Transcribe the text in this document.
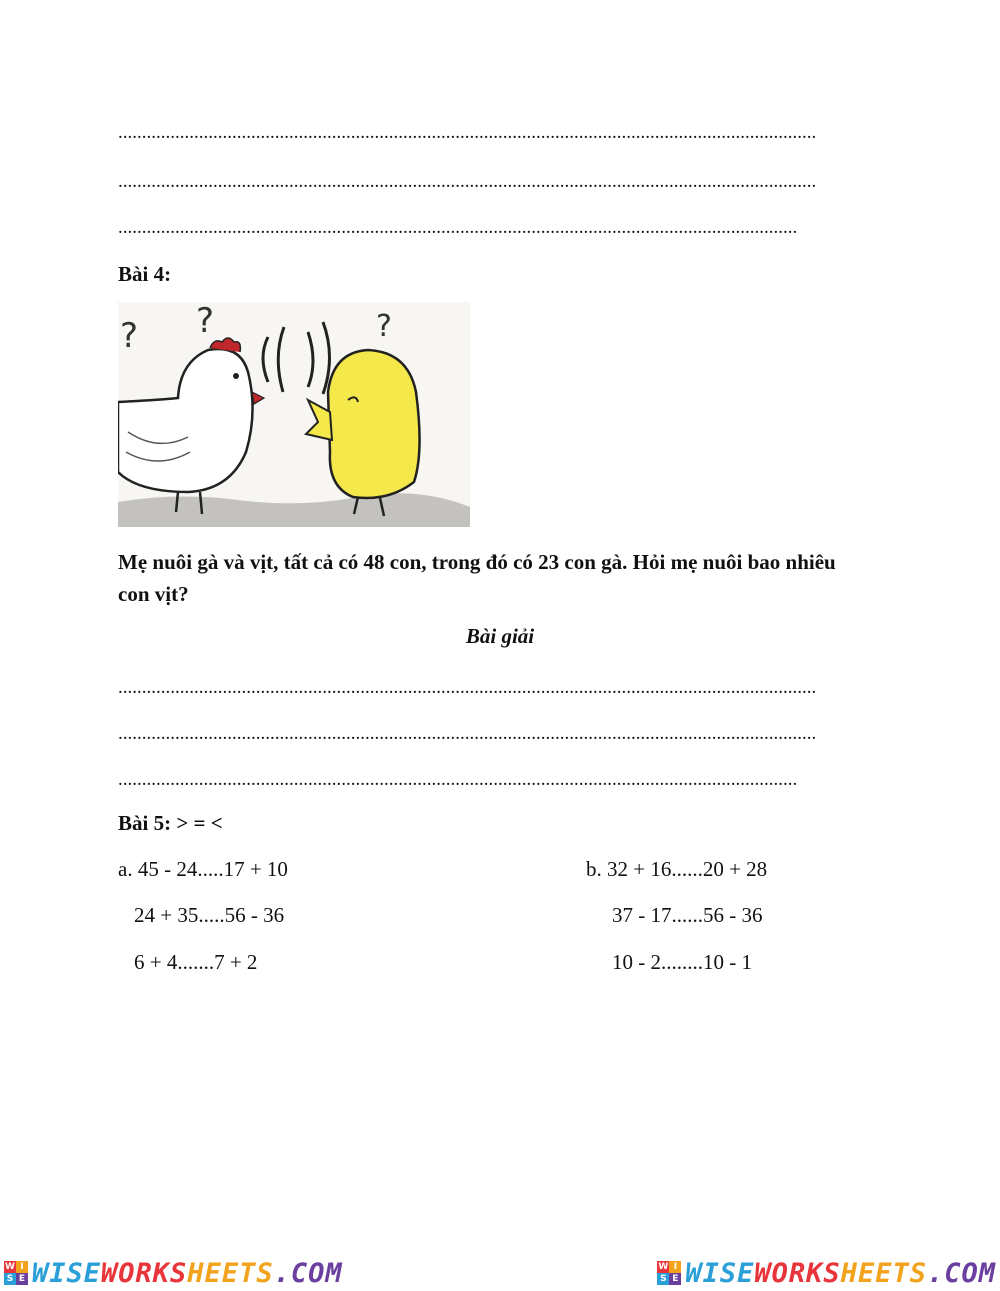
...................................................................................................................................................
...................................................................................................................................................
...............................................................................................................................................
Bài 4:
? ?	?
Mẹ nuôi gà và vịt, tất cả có 48 con, trong đó có 23 con gà. Hỏi mẹ nuôi bao nhiêu con vịt?
Bài giải
...................................................................................................................................................
...................................................................................................................................................
...............................................................................................................................................
Bài 5: > = <
a. 45 - 24.....17 + 10
24 + 35.....56 - 36
6 + 4.......7 + 2
b. 32 + 16......20 + 28
37 - 17......56 - 36
10 - 2........10 - 1
W I
S E WISEWORKSHEETS.COM	W I
S E WISEWORKSHEETS.COM
